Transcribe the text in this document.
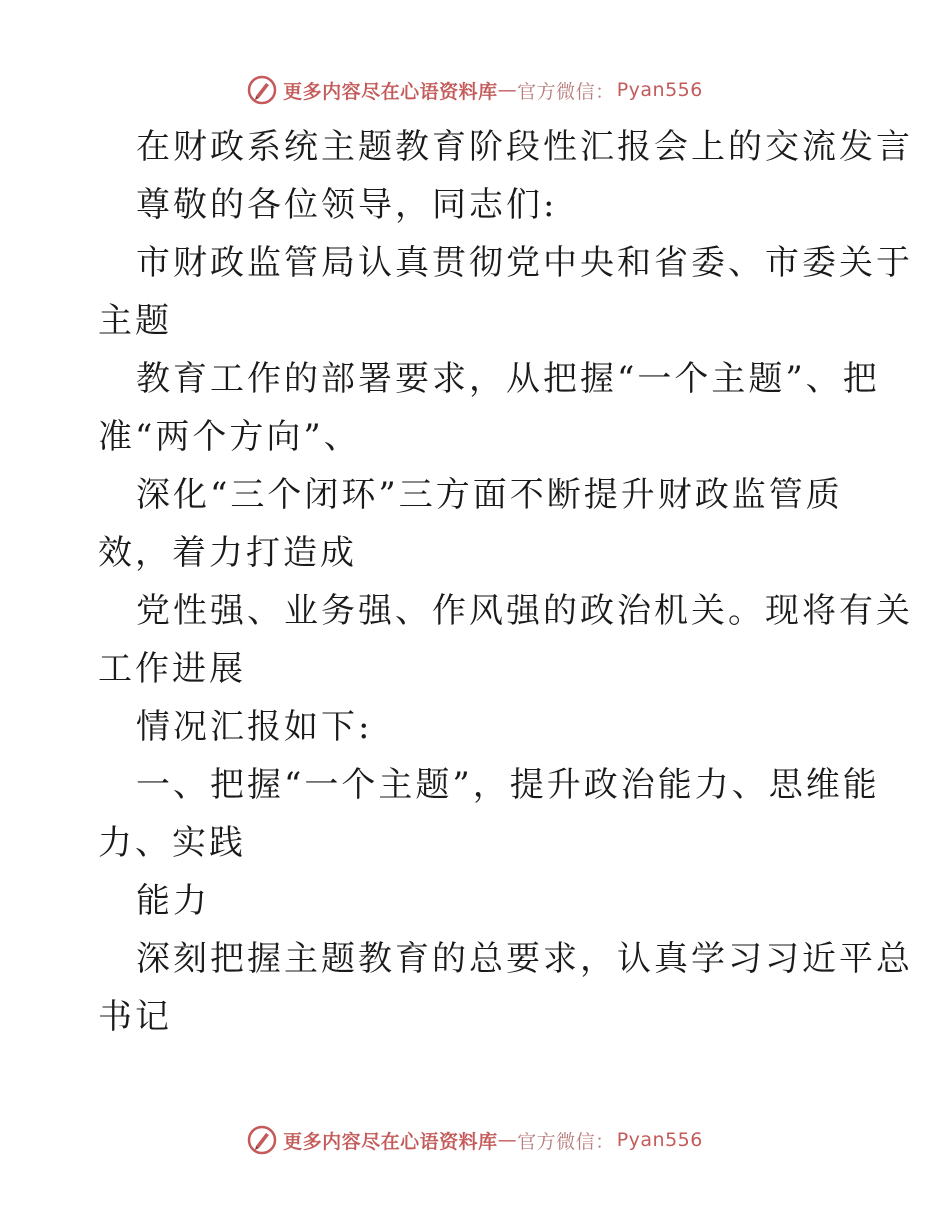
更多内容尽在心语资料库 — 官方微信： Pyan556
在财政系统主题教育阶段性汇报会上的交流发言
尊敬的各位领导，同志们:
市财政监管局认真贯彻党中央和省委、市委关于
主题
教育工作的部署要求，从把握“一个主题”、把
准“两个方向”、
深化“三个闭环”三方面不断提升财政监管质
效，着力打造成
党性强、业务强、作风强的政治机关。现将有关
工作进展
情况汇报如下:
一、把握“一个主题”，提升政治能力、思维能
力、实践
能力
深刻把握主题教育的总要求，认真学习习近平总
书记
更多内容尽在心语资料库 — 官方微信： Pyan556
